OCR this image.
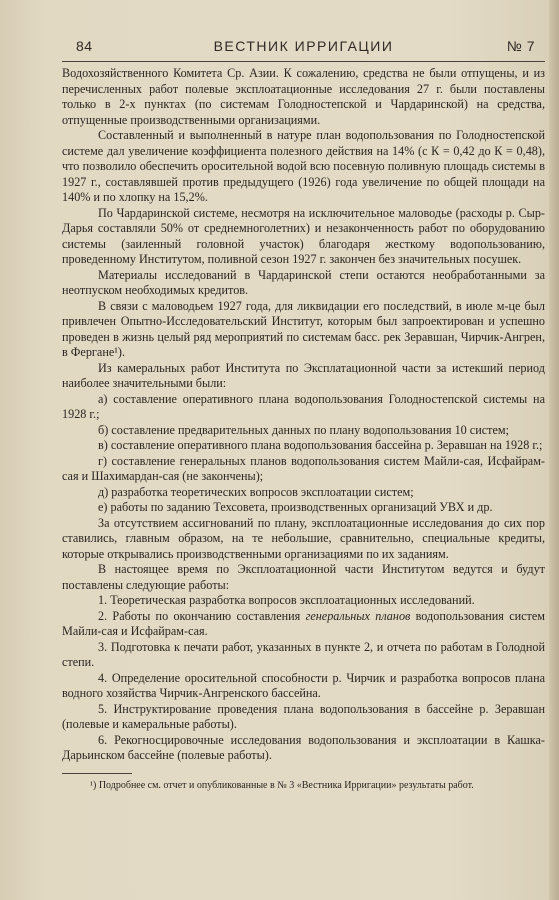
84	ВЕСТНИК ИРРИГАЦИИ	№ 7

Водохозяйственного Комитета Ср. Азии. К сожалению, средства не были отпущены, и из перечисленных работ полевые эксплоатационные исследования 27 г. были поставлены только в 2-х пунктах (по системам Голодностепской и Чардаринской) на средства, отпущенные производственными организациями.

Составленный и выполненный в натуре план водопользования по Голодностепской системе дал увеличение коэффициента полезного действия на 14% (с К = 0,42 до К = 0,48), что позволило обеспечить оросительной водой всю посевную поливную площадь системы в 1927 г., составлявшей против предыдущего (1926) года увеличение по общей площади на 140% и по хлопку на 15,2%.

По Чардаринской системе, несмотря на исключительное маловодье (расходы р. Сыр-Дарья составляли 50% от среднемноголетних) и незаконченность работ по оборудованию системы (заиленный головной участок) благодаря жесткому водопользованию, проведенному Институтом, поливной сезон 1927 г. закончен без значительных посушек.

Материалы исследований в Чардаринской степи остаются необработанными за неотпуском необходимых кредитов.

В связи с маловодьем 1927 года, для ликвидации его последствий, в июле м-це был привлечен Опытно-Исследовательский Институт, которым был запроектирован и успешно проведен в жизнь целый ряд мероприятий по системам басс. рек Зеравшан, Чирчик-Ангрен, в Фергане¹).

Из камеральных работ Института по Эксплатационной части за истекший период наиболее значительными были:

а) составление оперативного плана водопользования Голодностепской системы на 1928 г.;

б) составление предварительных данных по плану водопользования 10 систем;

в) составление оперативного плана водопользования бассейна р. Зеравшан на 1928 г.;

г) составление генеральных планов водопользования систем Майли-сая, Исфайрам-сая и Шахимардан-сая (не закончены);

д) разработка теоретических вопросов эксплоатации систем;

е) работы по заданию Техсовета, производственных организаций УВХ и др.

За отсутствием ассигнований по плану, эксплоатационные исследования до сих пор ставились, главным образом, на те небольшие, сравнительно, специальные кредиты, которые открывались производственными организациями по их заданиям.

В настоящее время по Эксплоатационной части Институтом ведутся и будут поставлены следующие работы:

1. Теоретическая разработка вопросов эксплоатационных исследований.

2. Работы по окончанию составления генеральных планов водопользования систем Майли-сая и Исфайрам-сая.

3. Подготовка к печати работ, указанных в пункте 2, и отчета по работам в Голодной степи.

4. Определение оросительной способности р. Чирчик и разработка вопросов плана водного хозяйства Чирчик-Ангренского бассейна.

5. Инструктирование проведения плана водопользования в бассейне р. Зеравшан (полевые и камеральные работы).

6. Рекогносцировочные исследования водопользования и эксплоатации в Кашка-Дарьинском бассейне (полевые работы).

¹) Подробнее см. отчет и опубликованные в № 3 «Вестника Ирригации» результаты работ.
